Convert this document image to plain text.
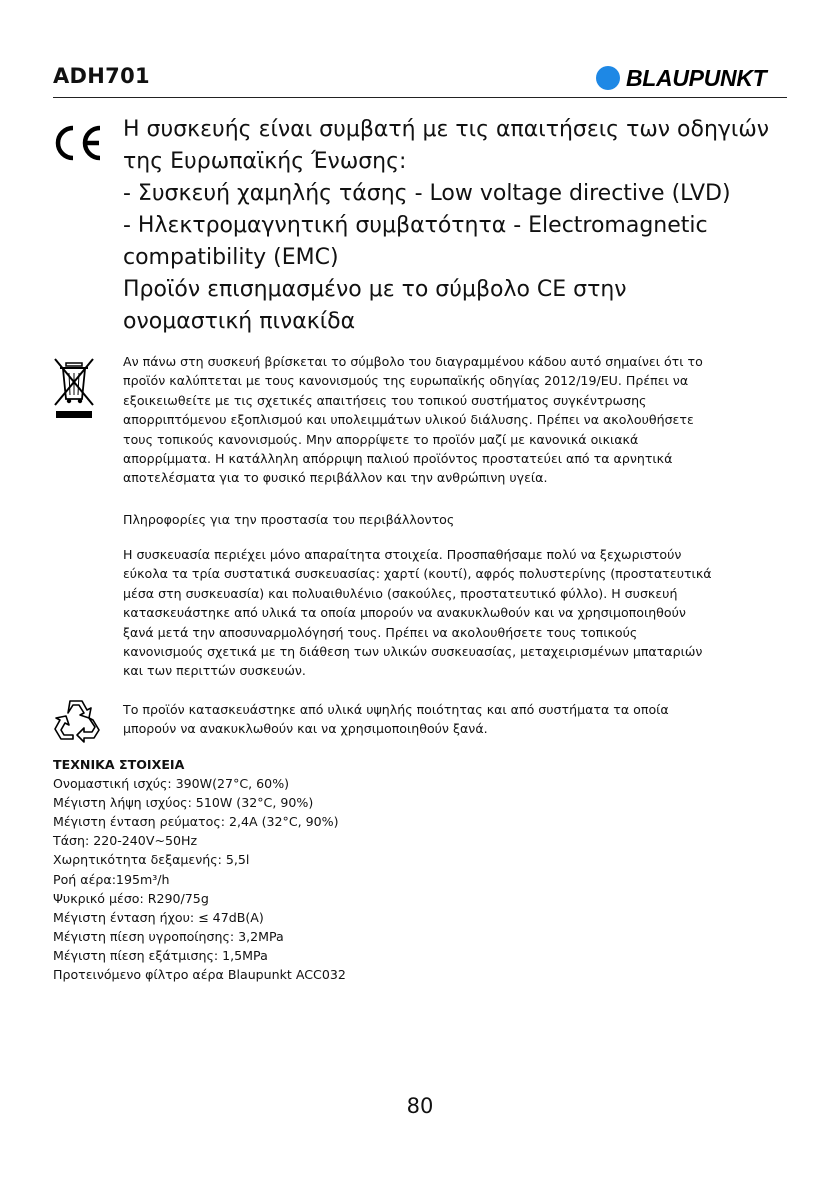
ADH701	BLAUPUNKT
Η συσκευής είναι συμβατή με τις απαιτήσεις των οδηγιών
της Ευρωπαϊκής Ένωσης:
- Συσκευή χαμηλής τάσης - Low voltage directive (LVD)
- Ηλεκτρομαγνητική συμβατότητα - Electromagnetic
compatibility (EMC)
Προϊόν επισημασμένο με το σύμβολο CE στην
ονομαστική πινακίδα
Αν πάνω στη συσκευή βρίσκεται το σύμβολο του διαγραμμένου κάδου αυτό σημαίνει ότι το
προϊόν καλύπτεται με τους κανονισμούς της ευρωπαϊκής οδηγίας 2012/19/EU. Πρέπει να
εξοικειωθείτε με τις σχετικές απαιτήσεις του τοπικού συστήματος συγκέντρωσης
απορριπτόμενου εξοπλισμού και υπολειμμάτων υλικού διάλυσης. Πρέπει να ακολουθήσετε
τους τοπικούς κανονισμούς. Μην απορρίψετε το προϊόν μαζί με κανονικά οικιακά
απορρίμματα. Η κατάλληλη απόρριψη παλιού προϊόντος προστατεύει από τα αρνητικά
αποτελέσματα για το φυσικό περιβάλλον και την ανθρώπινη υγεία.
Πληροφορίες για την προστασία του περιβάλλοντος
Η συσκευασία περιέχει μόνο απαραίτητα στοιχεία. Προσπαθήσαμε πολύ να ξεχωριστούν
εύκολα τα τρία συστατικά συσκευασίας: χαρτί (κουτί), αφρός πολυστερίνης (προστατευτικά
μέσα στη συσκευασία) και πολυαιθυλένιο (σακούλες, προστατευτικό φύλλο). Η συσκευή
κατασκευάστηκε από υλικά τα οποία μπορούν να ανακυκλωθούν και να χρησιμοποιηθούν
ξανά μετά την αποσυναρμολόγησή τους. Πρέπει να ακολουθήσετε τους τοπικούς
κανονισμούς σχετικά με τη διάθεση των υλικών συσκευασίας, μεταχειρισμένων μπαταριών
και των περιττών συσκευών.
Το προϊόν κατασκευάστηκε από υλικά υψηλής ποιότητας και από συστήματα τα οποία
μπορούν να ανακυκλωθούν και να χρησιμοποιηθούν ξανά.
ΤΕΧΝΙΚΑ ΣΤΟΙΧΕΙΑ
Ονομαστική ισχύς: 390W(27°C, 60%)
Μέγιστη λήψη ισχύος: 510W (32°C, 90%)
Μέγιστη ένταση ρεύματος: 2,4A (32°C, 90%)
Τάση: 220-240V~50Hz
Χωρητικότητα δεξαμενής: 5,5l
Ροή αέρα:195m³/h
Ψυκρικό μέσο: R290/75g
Μέγιστη ένταση ήχου: ≤ 47dB(A)
Μέγιστη πίεση υγροποίησης: 3,2MPa
Μέγιστη πίεση εξάτμισης: 1,5MPa
Προτεινόμενο φίλτρο αέρα Blaupunkt ACC032
80
